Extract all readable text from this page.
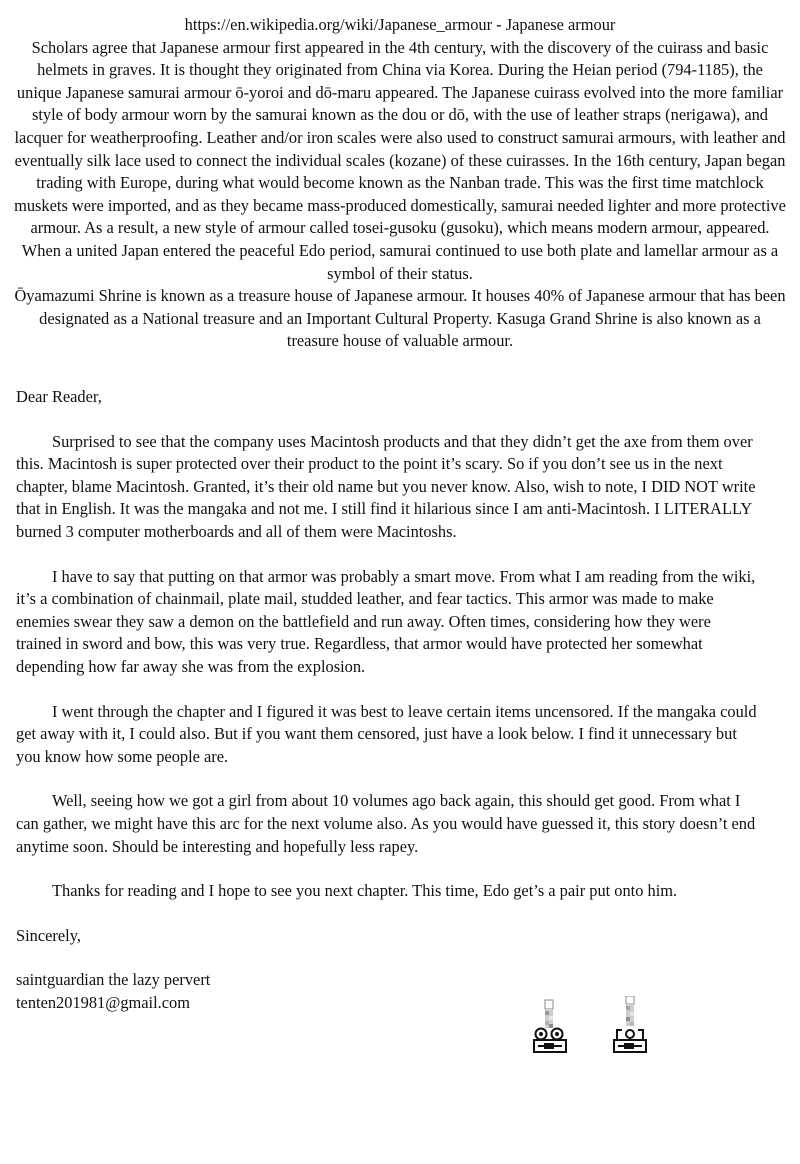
https://en.wikipedia.org/wiki/Japanese_armour - Japanese armour

Scholars agree that Japanese armour first appeared in the 4th century, with the discovery of the cuirass and basic helmets in graves. It is thought they originated from China via Korea. During the Heian period (794-1185), the unique Japanese samurai armour ō-yoroi and dō-maru appeared. The Japanese cuirass evolved into the more familiar style of body armour worn by the samurai known as the dou or dō, with the use of leather straps (nerigawa), and lacquer for weatherproofing. Leather and/or iron scales were also used to construct samurai armours, with leather and eventually silk lace used to connect the individual scales (kozane) of these cuirasses. In the 16th century, Japan began trading with Europe, during what would become known as the Nanban trade. This was the first time matchlock muskets were imported, and as they became mass-produced domestically, samurai needed lighter and more protective armour. As a result, a new style of armour called tosei-gusoku (gusoku), which means modern armour, appeared. When a united Japan entered the peaceful Edo period, samurai continued to use both plate and lamellar armour as a symbol of their status.

Ōyamazumi Shrine is known as a treasure house of Japanese armour. It houses 40% of Japanese armour that has been designated as a National treasure and an Important Cultural Property. Kasuga Grand Shrine is also known as a treasure house of valuable armour.

Dear Reader,

Surprised to see that the company uses Macintosh products and that they didn’t get the axe from them over this. Macintosh is super protected over their product to the point it’s scary. So if you don’t see us in the next chapter, blame Macintosh. Granted, it’s their old name but you never know. Also, wish to note, I DID NOT write that in English. It was the mangaka and not me. I still find it hilarious since I am anti-Macintosh. I LITERALLY burned 3 computer motherboards and all of them were Macintoshs.

I have to say that putting on that armor was probably a smart move. From what I am reading from the wiki, it’s a combination of chainmail, plate mail, studded leather, and fear tactics. This armor was made to make enemies swear they saw a demon on the battlefield and run away. Often times, considering how they were trained in sword and bow, this was very true. Regardless, that armor would have protected her somewhat depending how far away she was from the explosion.

I went through the chapter and I figured it was best to leave certain items uncensored. If the mangaka could get away with it, I could also. But if you want them censored, just have a look below. I find it unnecessary but you know how some people are.

Well, seeing how we got a girl from about 10 volumes ago back again, this should get good. From what I can gather, we might have this arc for the next volume also. As you would have guessed it, this story doesn’t end anytime soon. Should be interesting and hopefully less rapey.

Thanks for reading and I hope to see you next chapter. This time, Edo get’s a pair put onto him.

Sincerely,

saintguardian the lazy pervert

tenten201981@gmail.com
